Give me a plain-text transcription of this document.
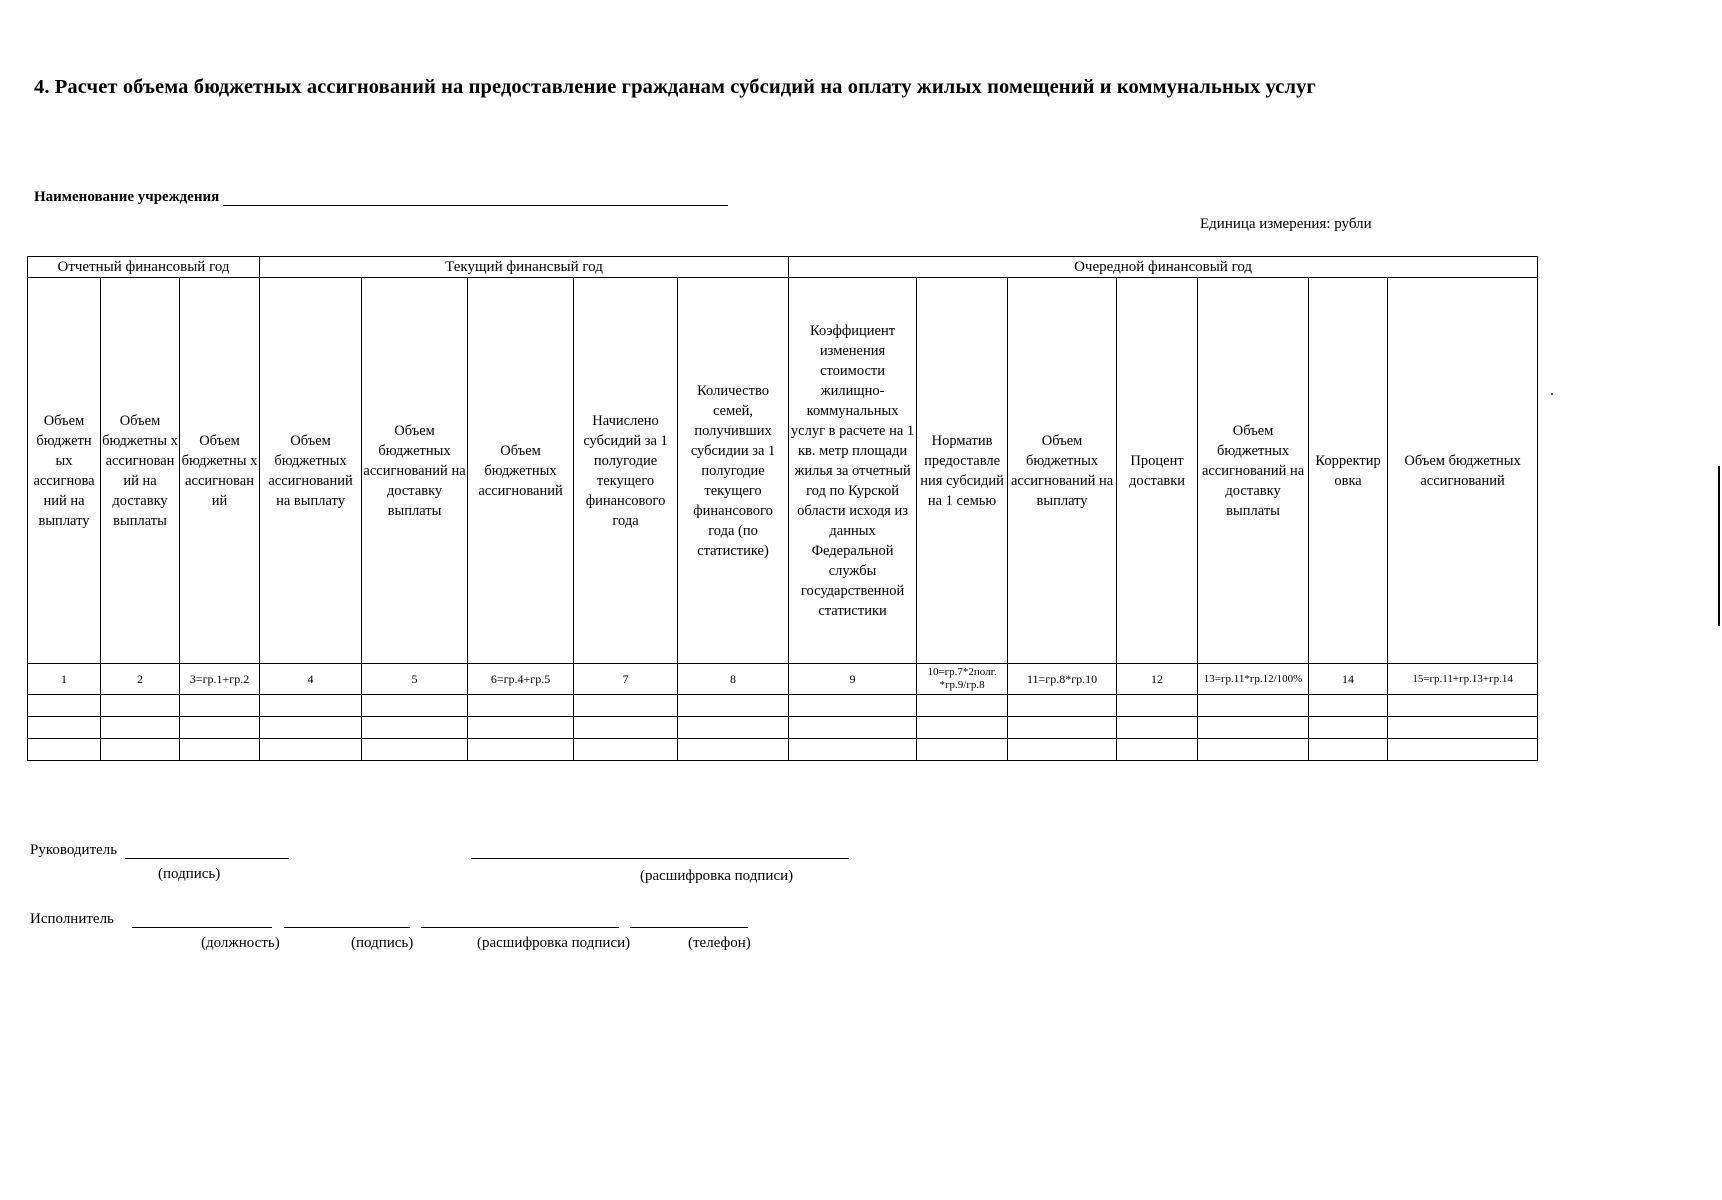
4. Расчет объема бюджетных ассигнований на предоставление гражданам субсидий на оплату жилых помещений и коммунальных услуг
Наименование учреждения
Единица измерения: рубли
Отчетный финансовый год			Текущий финансвый год					Очередной финансовый год						
Объем бюджетн ых ассигнова ний на выплату	Объем бюджетны х ассигнован ий на доставку выплаты	Объем бюджетны х ассигнован ий	Объем бюджетных ассигнований на выплату	Объем бюджетных ассигнований на доставку выплаты	Объем бюджетных ассигнований	Начислено субсидий за 1 полугодие текущего финансового года	Количество семей, получивших субсидии за 1 полугодие текущего финансового года (по статистике)	Коэффициент изменения стоимости жилищно-коммунальных услуг в расчете на 1 кв. метр площади жилья за отчетный год по Курской области исходя из данных Федеральной службы государственной статистики	Норматив предоставле ния субсидий на 1 семью	Объем бюджетных ассигнований на выплату	Процент доставки	Объем бюджетных ассигнований на доставку выплаты	Корректир овка	Объем бюджетных ассигнований
1	2	3=гр.1+гр.2	4	5	6=гр.4+гр.5	7	8	9	10=гр.7*2полг. *гр.9/гр.8	11=гр.8*гр.10	12	13=гр.11*гр.12/100%	14	15=гр.11+гр.13+гр.14

Руководитель
(подпись)	(расшифровка подписи)
Исполнитель
(должность)	(подпись)	(расшифровка подписи)	(телефон)
